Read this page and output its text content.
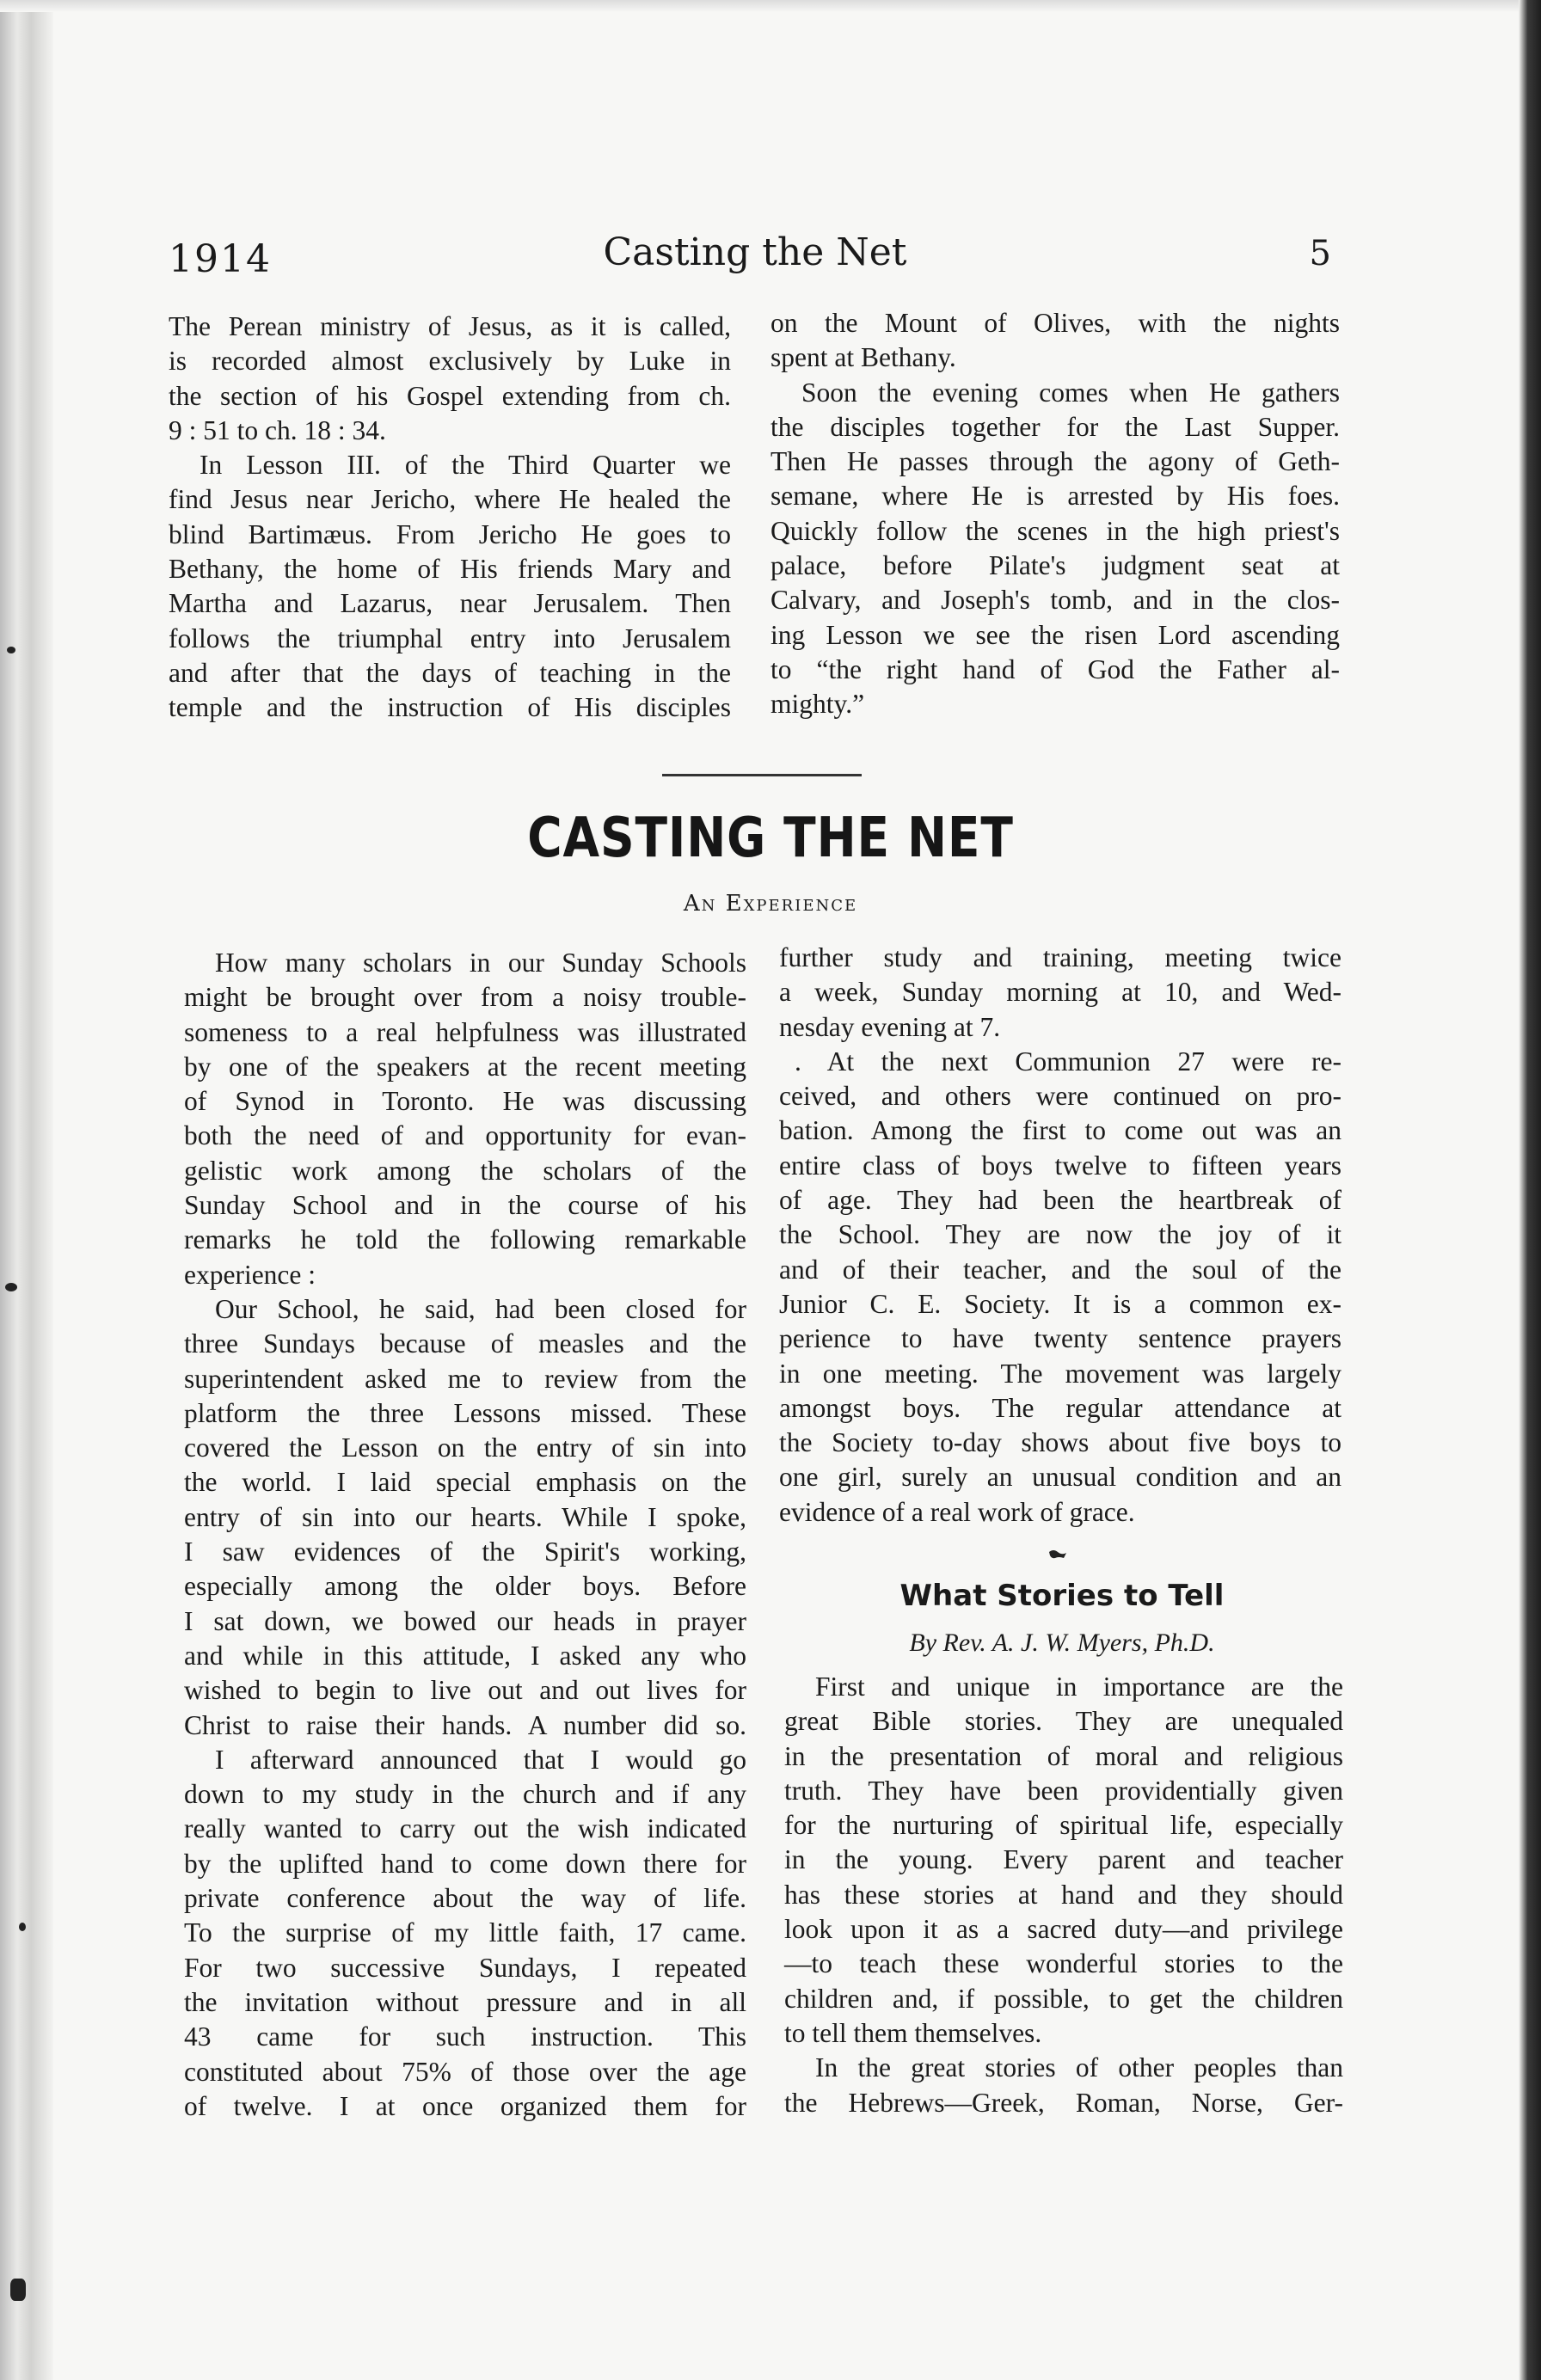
1914	Casting the Net	5
The Perean ministry of Jesus, as it is called,
is recorded almost exclusively by Luke in
the section of his Gospel extending from ch.
9 : 51 to ch. 18 : 34.
In Lesson III. of the Third Quarter we
find Jesus near Jericho, where He healed the
blind Bartimæus. From Jericho He goes to
Bethany, the home of His friends Mary and
Martha and Lazarus, near Jerusalem. Then
follows the triumphal entry into Jerusalem
and after that the days of teaching in the
temple and the instruction of His disciples
on the Mount of Olives, with the nights
spent at Bethany.
Soon the evening comes when He gathers
the disciples together for the Last Supper.
Then He passes through the agony of Geth-
semane, where He is arrested by His foes.
Quickly follow the scenes in the high priest's
palace, before Pilate's judgment seat at
Calvary, and Joseph's tomb, and in the clos-
ing Lesson we see the risen Lord ascending
to “the right hand of God the Father al-
mighty.”
CASTING THE NET
An Experience
How many scholars in our Sunday Schools
might be brought over from a noisy trouble-
someness to a real helpfulness was illustrated
by one of the speakers at the recent meeting
of Synod in Toronto. He was discussing
both the need of and opportunity for evan-
gelistic work among the scholars of the
Sunday School and in the course of his
remarks he told the following remarkable
experience :
Our School, he said, had been closed for
three Sundays because of measles and the
superintendent asked me to review from the
platform the three Lessons missed. These
covered the Lesson on the entry of sin into
the world. I laid special emphasis on the
entry of sin into our hearts. While I spoke,
I saw evidences of the Spirit's working,
especially among the older boys. Before
I sat down, we bowed our heads in prayer
and while in this attitude, I asked any who
wished to begin to live out and out lives for
Christ to raise their hands. A number did so.
I afterward announced that I would go
down to my study in the church and if any
really wanted to carry out the wish indicated
by the uplifted hand to come down there for
private conference about the way of life.
To the surprise of my little faith, 17 came.
For two successive Sundays, I repeated
the invitation without pressure and in all
43 came for such instruction. This
constituted about 75% of those over the age
of twelve. I at once organized them for
further study and training, meeting twice
a week, Sunday morning at 10, and Wed-
nesday evening at 7.
. At the next Communion 27 were re-
ceived, and others were continued on pro-
bation. Among the first to come out was an
entire class of boys twelve to fifteen years
of age. They had been the heartbreak of
the School. They are now the joy of it
and of their teacher, and the soul of the
Junior C. E. Society. It is a common ex-
perience to have twenty sentence prayers
in one meeting. The movement was largely
amongst boys. The regular attendance at
the Society to-day shows about five boys to
one girl, surely an unusual condition and an
evidence of a real work of grace.
What Stories to Tell
By Rev. A. J. W. Myers, Ph.D.
First and unique in importance are the
great Bible stories. They are unequaled
in the presentation of moral and religious
truth. They have been providentially given
for the nurturing of spiritual life, especially
in the young. Every parent and teacher
has these stories at hand and they should
look upon it as a sacred duty—and privilege
—to teach these wonderful stories to the
children and, if possible, to get the children
to tell them themselves.
In the great stories of other peoples than
the Hebrews—Greek, Roman, Norse, Ger-
